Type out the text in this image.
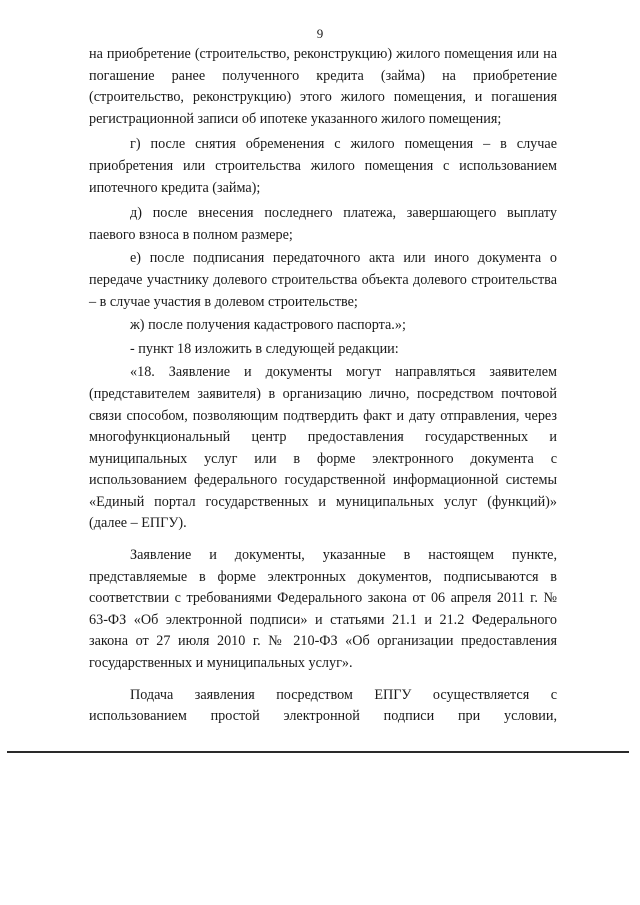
9

на приобретение (строительство, реконструкцию) жилого помещения или на погашение ранее полученного кредита (займа) на приобретение (строительство, реконструкцию) этого жилого помещения, и погашения регистрационной записи об ипотеке указанного жилого помещения;

г) после снятия обременения с жилого помещения – в случае приобретения или строительства жилого помещения с использованием ипотечного кредита (займа);

д) после внесения последнего платежа, завершающего выплату паевого взноса в полном размере;

е) после подписания передаточного акта или иного документа о передаче участнику долевого строительства объекта долевого строительства – в случае участия в долевом строительстве;

ж) после получения кадастрового паспорта.»;

- пункт 18 изложить в следующей редакции:

«18. Заявление и документы могут направляться заявителем (представителем заявителя) в организацию лично, посредством почтовой связи способом, позволяющим подтвердить факт и дату отправления, через многофункциональный центр предоставления государственных и муниципальных услуг или в форме электронного документа с использованием федерального государственной информационной системы «Единый портал государственных и муниципальных услуг (функций)» (далее – ЕПГУ).

Заявление и документы, указанные в настоящем пункте, представляемые в форме электронных документов, подписываются в соответствии с требованиями Федерального закона от 06 апреля 2011 г. № 63-ФЗ «Об электронной подписи» и статьями 21.1 и 21.2 Федерального закона от 27 июля 2010 г. № 210-ФЗ «Об организации предоставления государственных и муниципальных услуг».

Подача заявления посредством ЕПГУ осуществляется с использованием простой электронной подписи при условии,
